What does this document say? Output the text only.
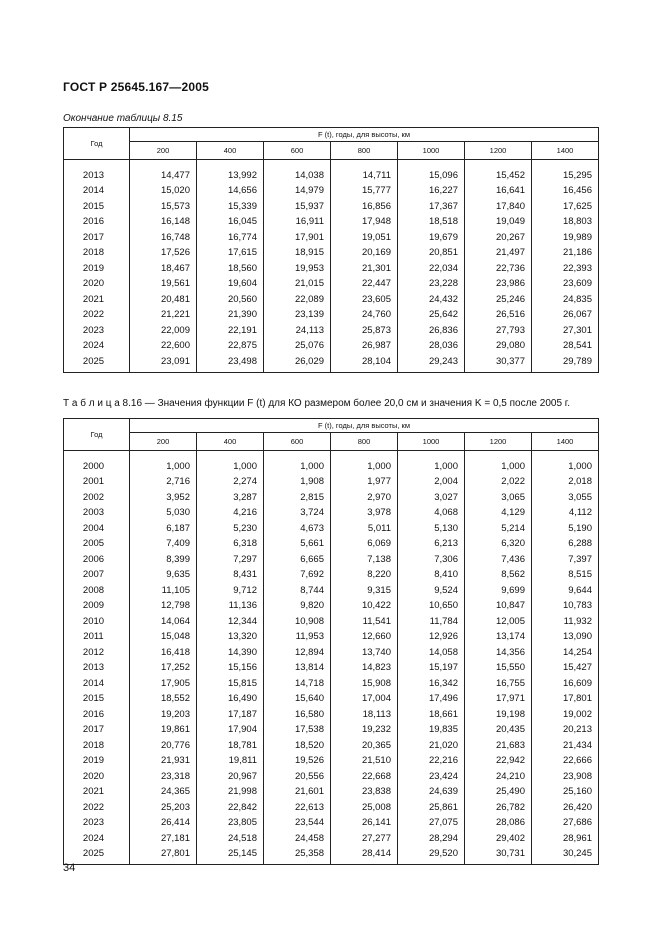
ГОСТ Р 25645.167—2005
Окончание таблицы 8.15
Год	F (t), годы, для высоты, км						
	200	400	600	800	1000	1200	1400
2013	14,477	13,992	14,038	14,711	15,096	15,452	15,295
2014	15,020	14,656	14,979	15,777	16,227	16,641	16,456
2015	15,573	15,339	15,937	16,856	17,367	17,840	17,625
2016	16,148	16,045	16,911	17,948	18,518	19,049	18,803
2017	16,748	16,774	17,901	19,051	19,679	20,267	19,989
2018	17,526	17,615	18,915	20,169	20,851	21,497	21,186
2019	18,467	18,560	19,953	21,301	22,034	22,736	22,393
2020	19,561	19,604	21,015	22,447	23,228	23,986	23,609
2021	20,481	20,560	22,089	23,605	24,432	25,246	24,835
2022	21,221	21,390	23,139	24,760	25,642	26,516	26,067
2023	22,009	22,191	24,113	25,873	26,836	27,793	27,301
2024	22,600	22,875	25,076	26,987	28,036	29,080	28,541
2025	23,091	23,498	26,029	28,104	29,243	30,377	29,789
Т а б л и ц а 8.16 — Значения функции F (t) для КО размером более 20,0 см и значения K = 0,5 после 2005 г.
Год	F (t), годы, для высоты, км						
	200	400	600	800	1000	1200	1400
2000	1,000	1,000	1,000	1,000	1,000	1,000	1,000
2001	2,716	2,274	1,908	1,977	2,004	2,022	2,018
2002	3,952	3,287	2,815	2,970	3,027	3,065	3,055
2003	5,030	4,216	3,724	3,978	4,068	4,129	4,112
2004	6,187	5,230	4,673	5,011	5,130	5,214	5,190
2005	7,409	6,318	5,661	6,069	6,213	6,320	6,288
2006	8,399	7,297	6,665	7,138	7,306	7,436	7,397
2007	9,635	8,431	7,692	8,220	8,410	8,562	8,515
2008	11,105	9,712	8,744	9,315	9,524	9,699	9,644
2009	12,798	11,136	9,820	10,422	10,650	10,847	10,783
2010	14,064	12,344	10,908	11,541	11,784	12,005	11,932
2011	15,048	13,320	11,953	12,660	12,926	13,174	13,090
2012	16,418	14,390	12,894	13,740	14,058	14,356	14,254
2013	17,252	15,156	13,814	14,823	15,197	15,550	15,427
2014	17,905	15,815	14,718	15,908	16,342	16,755	16,609
2015	18,552	16,490	15,640	17,004	17,496	17,971	17,801
2016	19,203	17,187	16,580	18,113	18,661	19,198	19,002
2017	19,861	17,904	17,538	19,232	19,835	20,435	20,213
2018	20,776	18,781	18,520	20,365	21,020	21,683	21,434
2019	21,931	19,811	19,526	21,510	22,216	22,942	22,666
2020	23,318	20,967	20,556	22,668	23,424	24,210	23,908
2021	24,365	21,998	21,601	23,838	24,639	25,490	25,160
2022	25,203	22,842	22,613	25,008	25,861	26,782	26,420
2023	26,414	23,805	23,544	26,141	27,075	28,086	27,686
2024	27,181	24,518	24,458	27,277	28,294	29,402	28,961
2025	27,801	25,145	25,358	28,414	29,520	30,731	30,245
34
